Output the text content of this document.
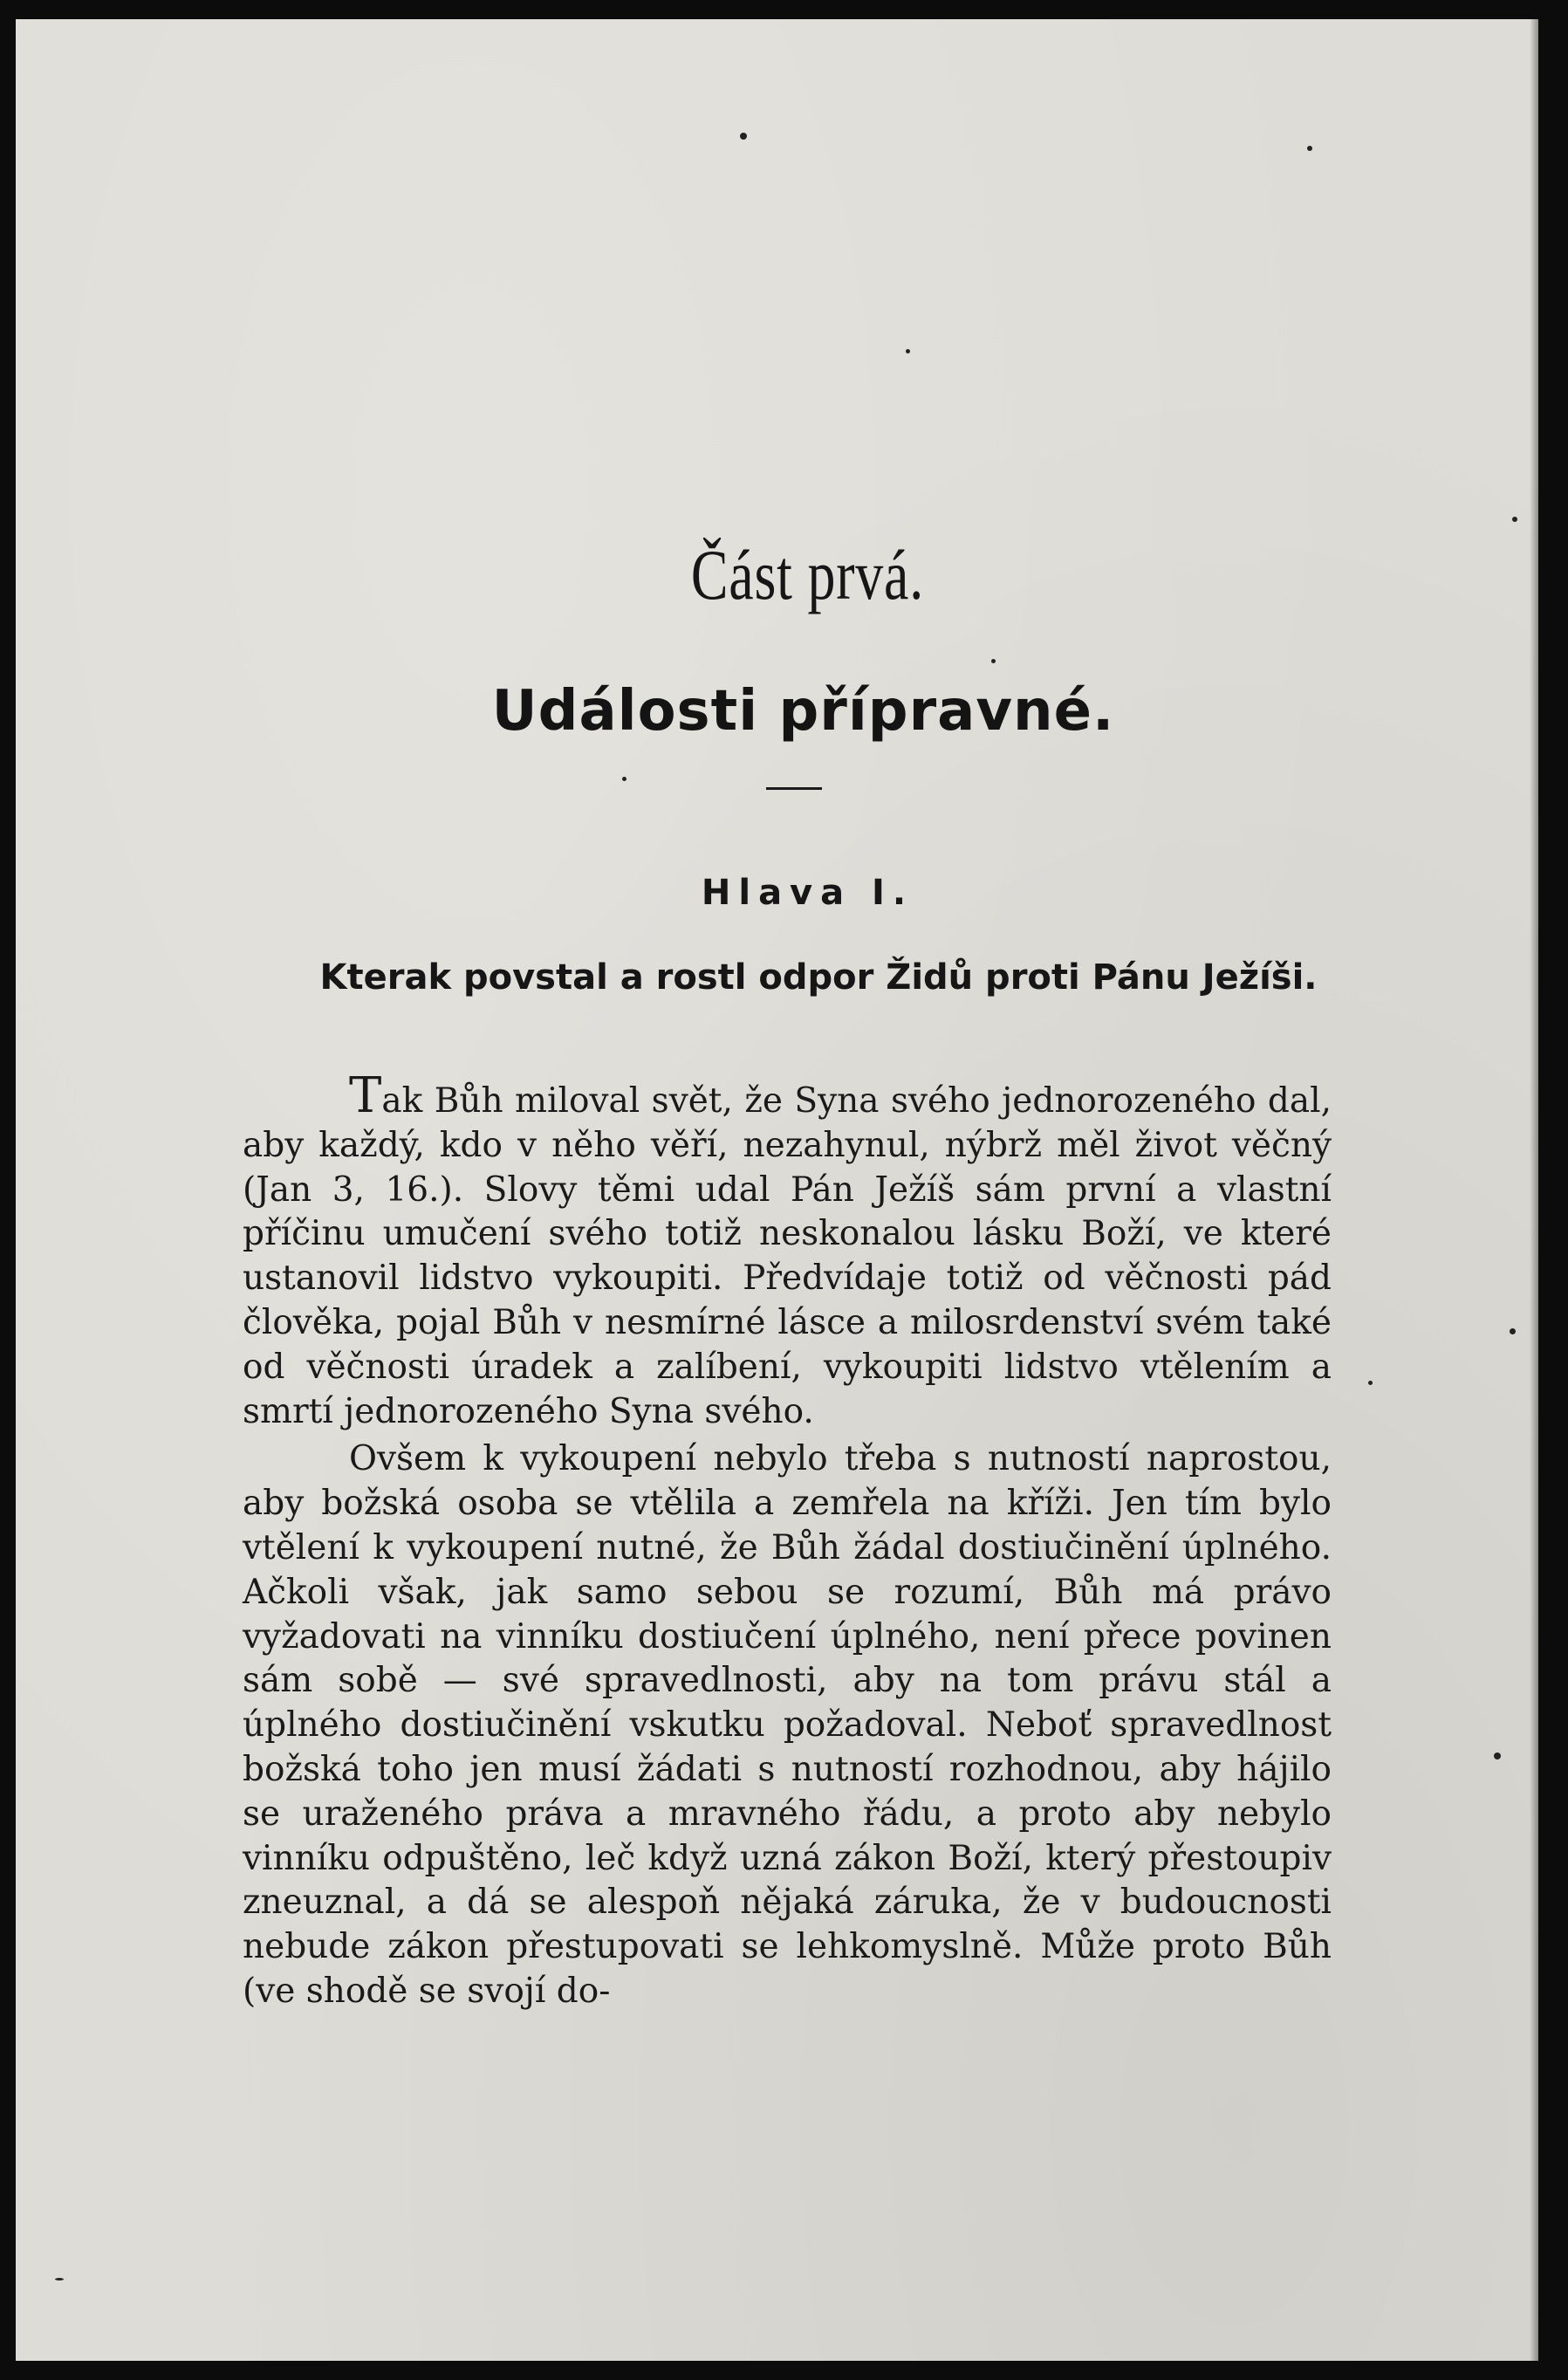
Část prvá.
Události přípravné.
Hlava I.
Kterak povstal a rostl odpor Židů proti Pánu Ježíši.

Tak Bůh miloval svět, že Syna svého jednorozeného dal, aby každý, kdo v něho věří, nezahynul, nýbrž měl život věčný (Jan 3, 16.). Slovy těmi udal Pán Ježíš sám první a vlastní příčinu umučení svého totiž neskonalou lásku Boží, ve které ustanovil lidstvo vykoupiti. Předvídaje totiž od věčnosti pád člověka, pojal Bůh v nesmírné lásce a milosrdenství svém také od věčnosti úradek a zalíbení, vykoupiti lidstvo vtělením a smrtí jednorozeného Syna svého.

Ovšem k vykoupení nebylo třeba s nutností naprostou, aby božská osoba se vtělila a zemřela na kříži. Jen tím bylo vtělení k vykoupení nutné, že Bůh žádal dostiučinění úplného. Ačkoli však, jak samo sebou se rozumí, Bůh má právo vyžadovati na vinníku dostiučení úplného, není přece povinen sám sobě — své spravedlnosti, aby na tom právu stál a úplného dostiučinění vskutku požadoval. Neboť spravedlnost božská toho jen musí žádati s nutností rozhodnou, aby hájilo se uraženého práva a mravného řádu, a proto aby nebylo vinníku odpuštěno, leč když uzná zákon Boží, který přestoupiv zneuznal, a dá se alespoň nějaká záruka, že v budoucnosti nebude zákon přestupovati se lehkomyslně. Může proto Bůh (ve shodě se svojí do-
